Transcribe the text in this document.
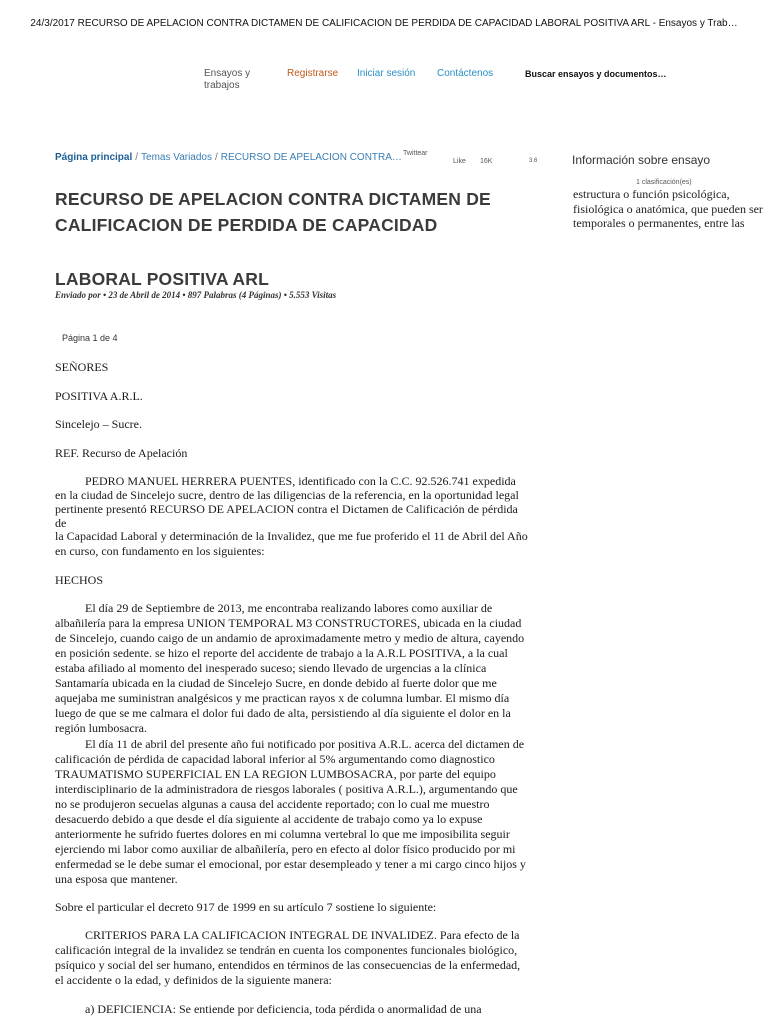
24/3/2017 RECURSO DE APELACION CONTRA DICTAMEN DE CALIFICACION DE PERDIDA DE CAPACIDAD LABORAL POSITIVA ARL - Ensayos y Trab…
Ensayos y trabajos
Registrarse Iniciar sesión Contáctenos	Buscar ensayos y documentos…
Página principal / Temas Variados / RECURSO DE APELACION CONTRA… Twittear
Like 16K	3.6	Información sobre ensayo
1 clasificación(es)
estructura o función psicológica, fisiológica o anatómica, que pueden ser temporales o permanentes, entre las
RECURSO DE APELACION CONTRA DICTAMEN DE CALIFICACION DE PERDIDA DE CAPACIDAD
LABORAL POSITIVA ARL
Enviado por • 23 de Abril de 2014 • 897 Palabras (4 Páginas) • 5.553 Visitas
Página 1 de 4
SEÑORES
POSITIVA A.R.L.
Sincelejo – Sucre.
REF. Recurso de Apelación
PEDRO MANUEL HERRERA PUENTES, identificado con la C.C. 92.526.741 expedida en la ciudad de Sincelejo sucre, dentro de las diligencias de la referencia, en la oportunidad legal pertinente presentó RECURSO DE APELACION contra el Dictamen de Calificación de pérdida de
la Capacidad Laboral y determinación de la Invalidez, que me fue proferido el 11 de Abril del Año en curso, con fundamento en los siguientes:
HECHOS
El día 29 de Septiembre de 2013, me encontraba realizando labores como auxiliar de albañilería para la empresa UNION TEMPORAL M3 CONSTRUCTORES, ubicada en la ciudad de Sincelejo, cuando caigo de un andamio de aproximadamente metro y medio de altura, cayendo en posición sedente. se hizo el reporte del accidente de trabajo a la A.R.L POSITIVA, a la cual estaba afiliado al momento del inesperado suceso; siendo llevado de urgencias a la clínica Santamaría ubicada en la ciudad de Sincelejo Sucre, en donde debido al fuerte dolor que me aquejaba me suministran analgésicos y me practican rayos x de columna lumbar. El mismo día luego de que se me calmara el dolor fui dado de alta, persistiendo al día siguiente el dolor en la región lumbosacra.
El día 11 de abril del presente año fui notificado por positiva A.R.L. acerca del dictamen de calificación de pérdida de capacidad laboral inferior al 5% argumentando como diagnostico TRAUMATISMO SUPERFICIAL EN LA REGION LUMBOSACRA, por parte del equipo interdisciplinario de la administradora de riesgos laborales ( positiva A.R.L.), argumentando que no se produjeron secuelas algunas a causa del accidente reportado; con lo cual me muestro desacuerdo debido a que desde el día siguiente al accidente de trabajo como ya lo expuse anteriormente he sufrido fuertes dolores en mi columna vertebral lo que me imposibilita seguir ejerciendo mi labor como auxiliar de albañilería, pero en efecto al dolor físico producido por mi enfermedad se le debe sumar el emocional, por estar desempleado y tener a mi cargo cinco hijos y una esposa que mantener.
Sobre el particular el decreto 917 de 1999 en su artículo 7 sostiene lo siguiente:
CRITERIOS PARA LA CALIFICACION INTEGRAL DE INVALIDEZ. Para efecto de la calificación integral de la invalidez se tendrán en cuenta los componentes funcionales biológico, psíquico y social del ser humano, entendidos en términos de las consecuencias de la enfermedad, el accidente o la edad, y definidos de la siguiente manera:
a) DEFICIENCIA: Se entiende por deficiencia, toda pérdida o anormalidad de una
